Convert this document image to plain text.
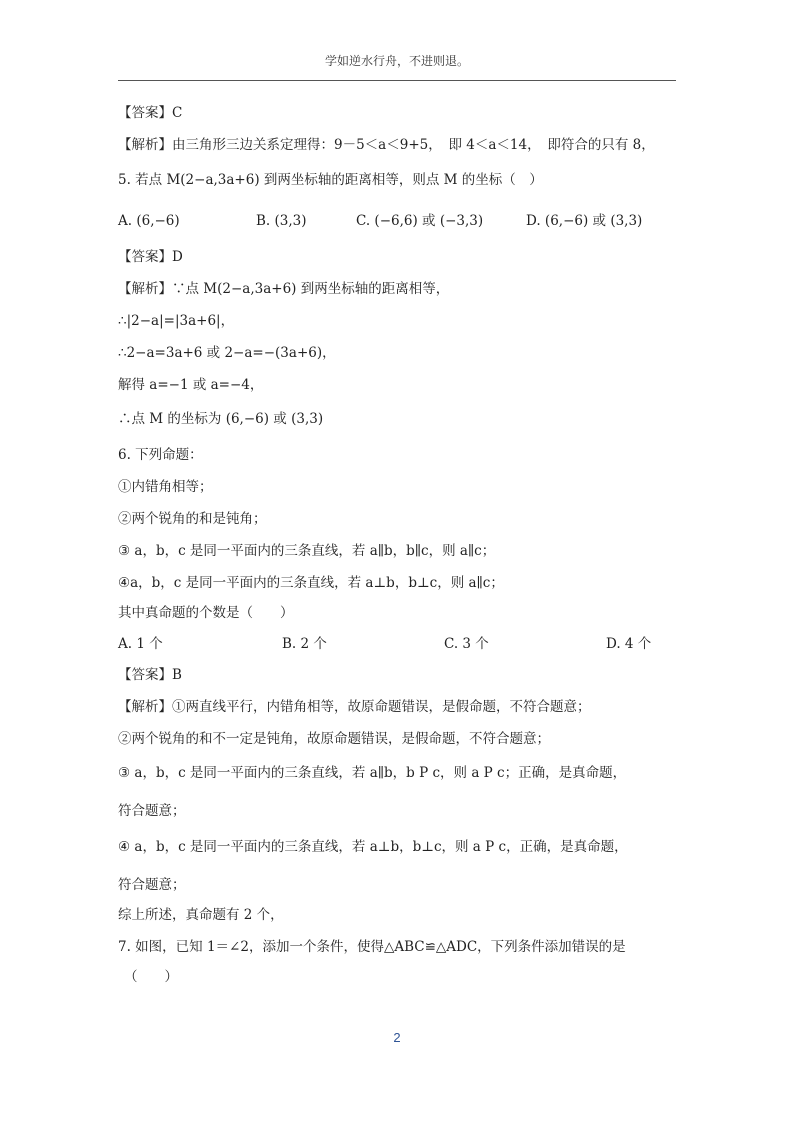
学如逆水行舟，不进则退。
【答案】C
【解析】由三角形三边关系定理得：9－5＜a＜9+5，　即 4＜a＜14，　即符合的只有 8，
5. 若点 M(2−a,3a+6) 到两坐标轴的距离相等，则点 M 的坐标（　）
A. (6,−6)	B. (3,3)	C. (−6,6) 或 (−3,3)	D. (6,−6) 或 (3,3)
【答案】D
【解析】∵点 M(2−a,3a+6) 到两坐标轴的距离相等，
∴|2−a|=|3a+6|，
∴2−a=3a+6 或 2−a=−(3a+6)，
解得 a=−1 或 a=−4，
∴点 M 的坐标为 (6,−6) 或 (3,3)
6. 下列命题：
①内错角相等；
②两个锐角的和是钝角；
③ a，b，c 是同一平面内的三条直线，若 a∥b，b∥c，则 a∥c；
④a，b，c 是同一平面内的三条直线，若 a⊥b，b⊥c，则 a∥c；
其中真命题的个数是（　　）
A. 1 个	B. 2 个	C. 3 个	D. 4 个
【答案】B
【解析】①两直线平行，内错角相等，故原命题错误，是假命题，不符合题意；
②两个锐角的和不一定是钝角，故原命题错误，是假命题，不符合题意；
③ a，b，c 是同一平面内的三条直线，若 a∥b，b P c，则 a P c；正确，是真命题，
符合题意；
④ a，b，c 是同一平面内的三条直线，若 a⊥b，b⊥c，则 a P c，正确，是真命题，
符合题意；
综上所述，真命题有 2 个，
7. 如图，已知 1＝∠2，添加一个条件，使得△ABC≌△ADC，下列条件添加错误的是
（　　）
2
